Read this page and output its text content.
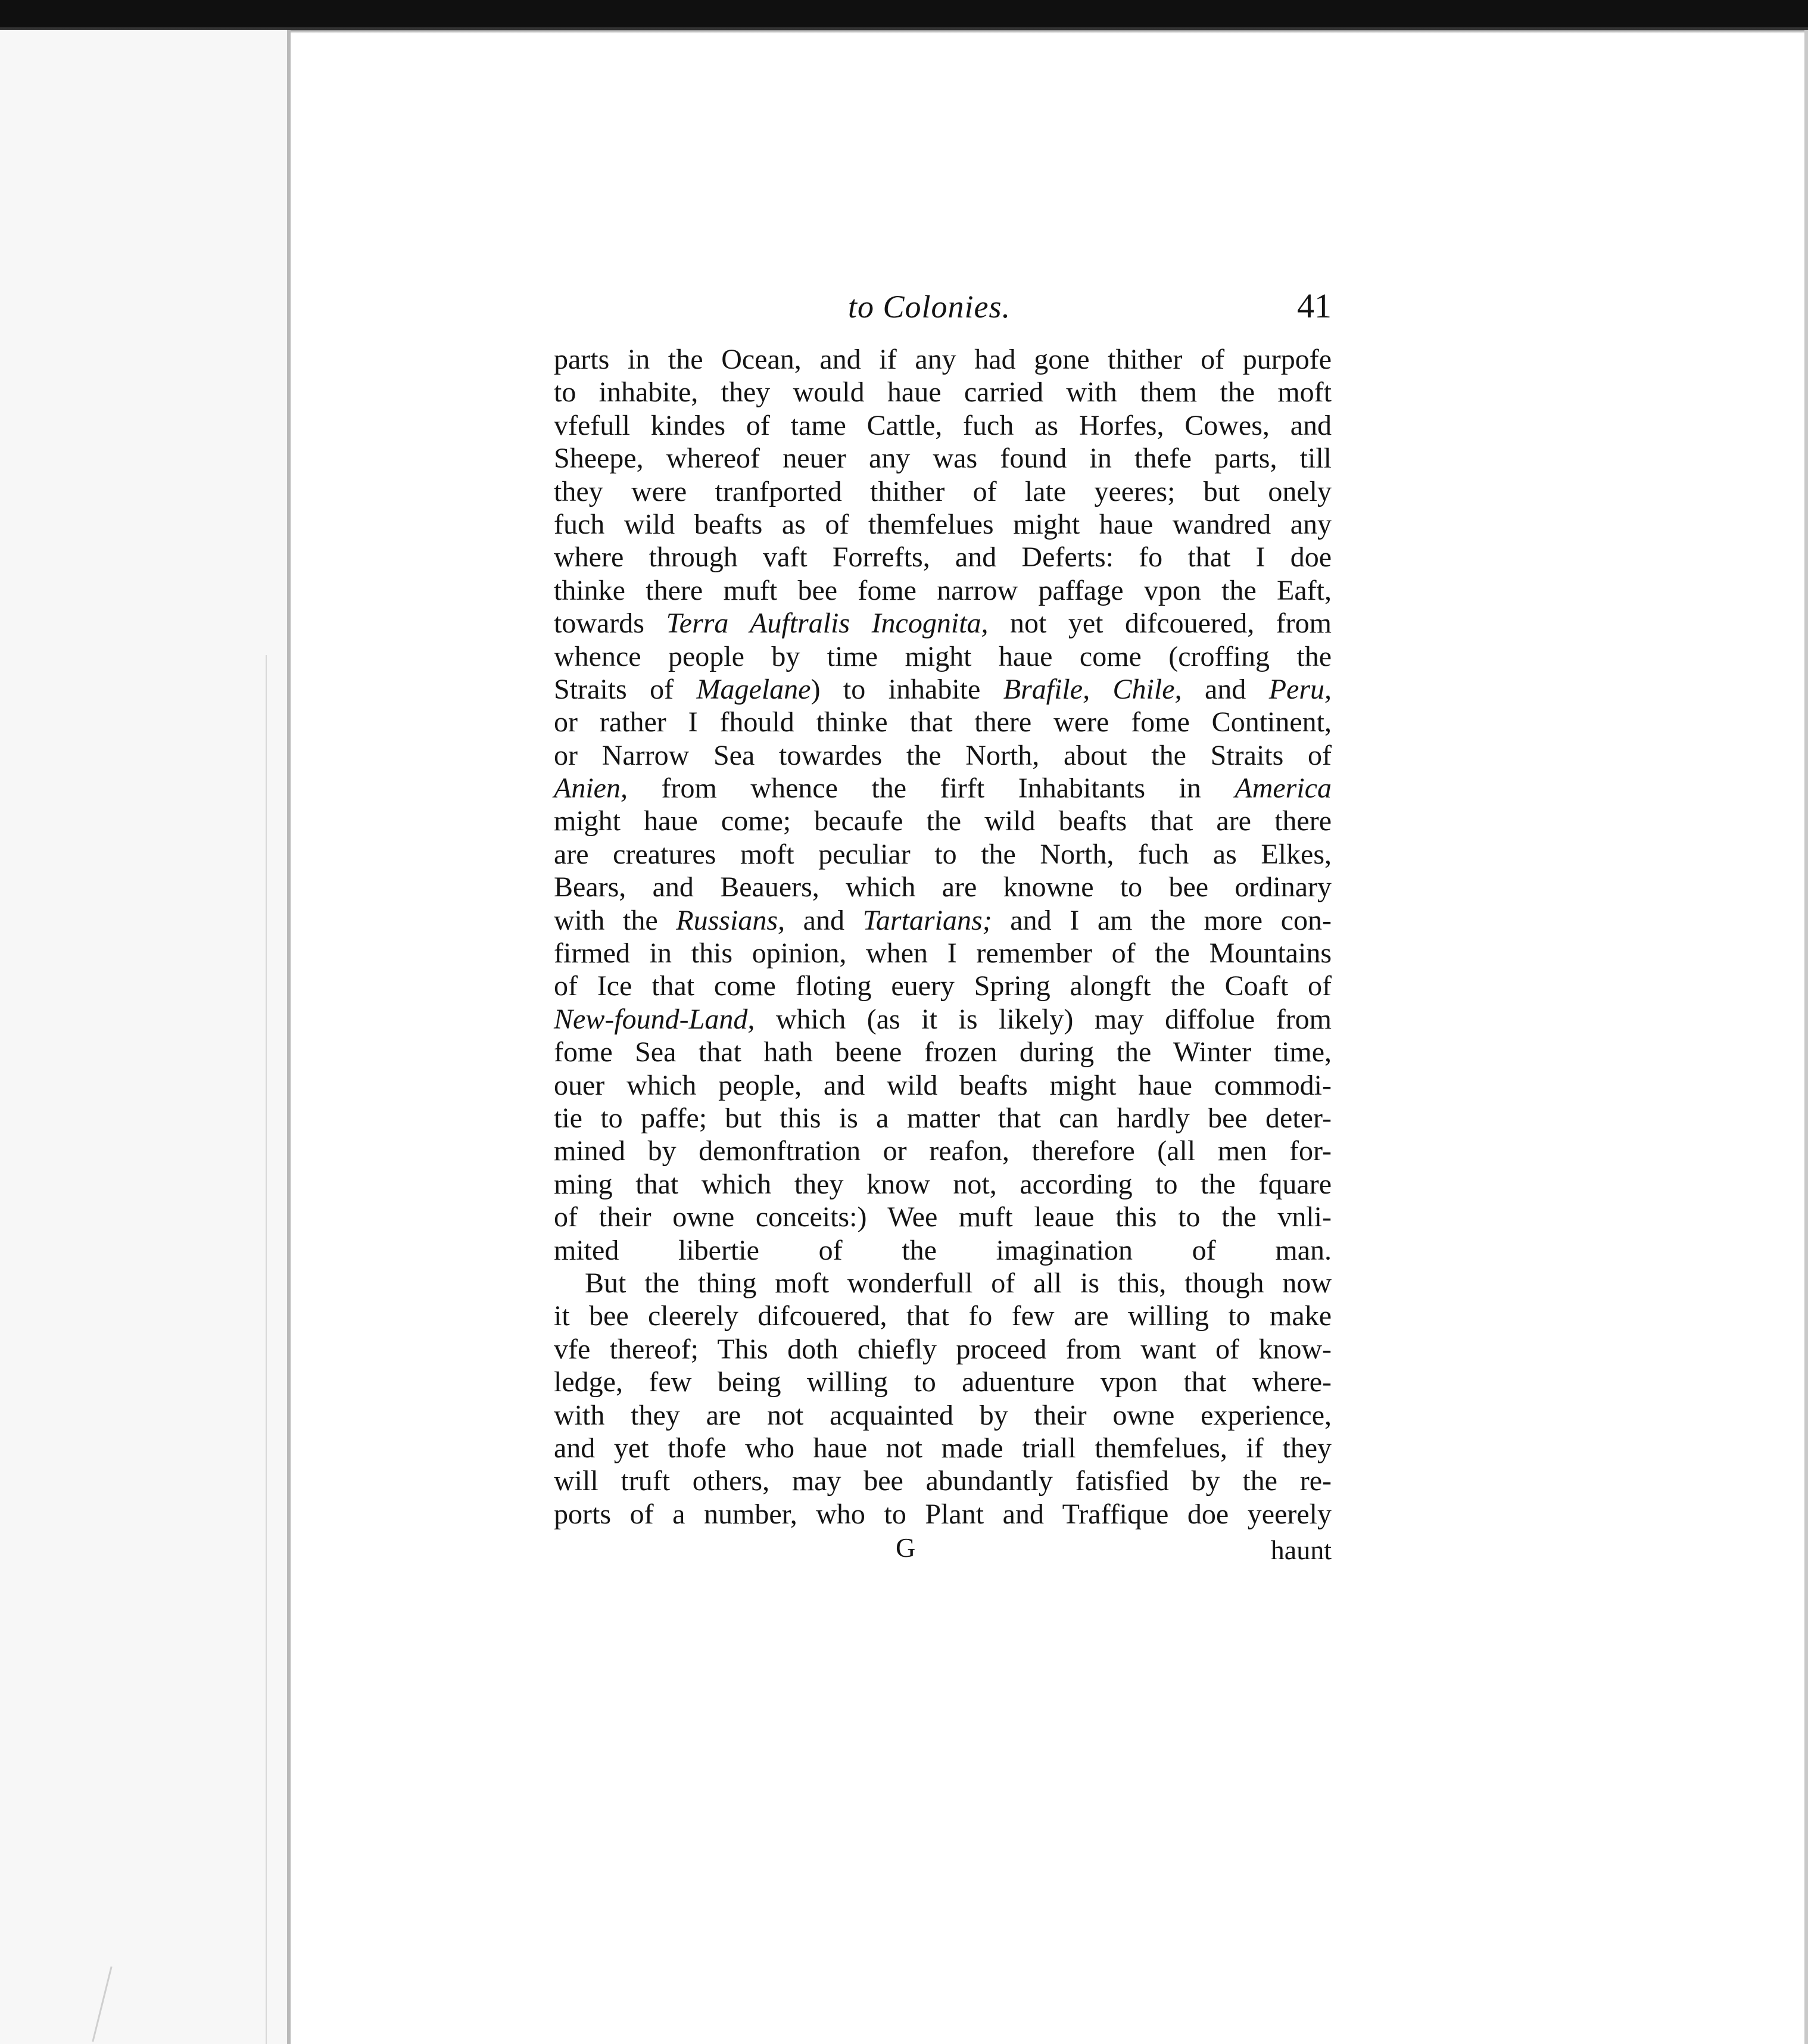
to Colonies.	41
parts in the Ocean, and if any had gone thither of purpofe
to inhabite, they would haue carried with them the moft
vfefull kindes of tame Cattle, fuch as Horfes, Cowes, and
Sheepe, whereof neuer any was found in thefe parts, till
they were tranfported thither of late yeeres; but onely
fuch wild beafts as of themfelues might haue wandred any
where through vaft Forrefts, and Deferts: fo that I doe
thinke there muft bee fome narrow paffage vpon the Eaft,
towards Terra Auftralis Incognita, not yet difcouered, from
whence people by time might haue come (croffing the
Straits of Magelane) to inhabite Brafile, Chile, and Peru,
or rather I fhould thinke that there were fome Continent,
or Narrow Sea towardes the North, about the Straits of
Anien, from whence the firft Inhabitants in America
might haue come; becaufe the wild beafts that are there
are creatures moft peculiar to the North, fuch as Elkes,
Bears, and Beauers, which are knowne to bee ordinary
with the Russians, and Tartarians; and I am the more con-
firmed in this opinion, when I remember of the Mountains
of Ice that come floting euery Spring alongft the Coaft of
New-found-Land, which (as it is likely) may diffolue from
fome Sea that hath beene frozen during the Winter time,
ouer which people, and wild beafts might haue commodi-
tie to paffe; but this is a matter that can hardly bee deter-
mined by demonftration or reafon, therefore (all men for-
ming that which they know not, according to the fquare
of their owne conceits:) Wee muft leaue this to the vnli-
mited libertie of the imagination of man.
But the thing moft wonderfull of all is this, though now
it bee cleerely difcouered, that fo few are willing to make
vfe thereof; This doth chiefly proceed from want of know-
ledge, few being willing to aduenture vpon that where-
with they are not acquainted by their owne experience,
and yet thofe who haue not made triall themfelues, if they
will truft others, may bee abundantly fatisfied by the re-
ports of a number, who to Plant and Traffique doe yeerely
G	haunt
